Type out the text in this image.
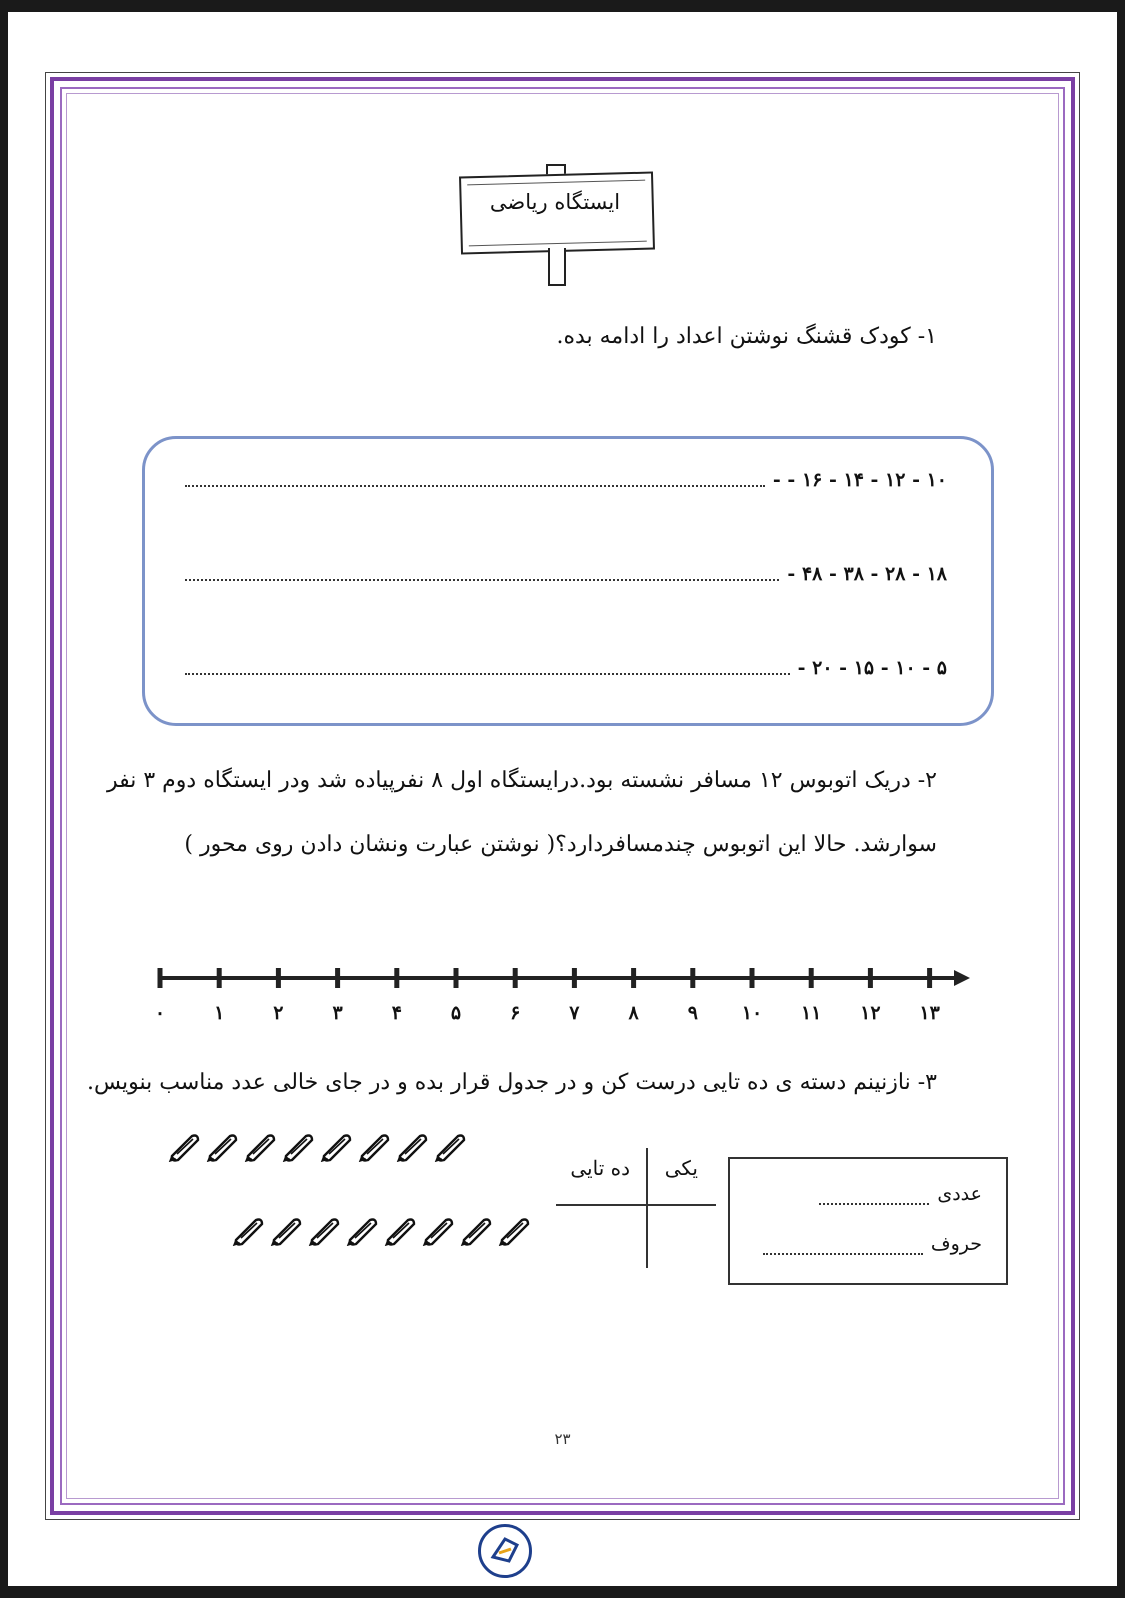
ایستگاه ریاضی
۱- کودک قشنگ نوشتن اعداد را ادامه بده.
۱۰ - ۱۲ - ۱۴ - ۱۶ - -
۱۸ - ۲۸ - ۳۸ - ۴۸ -
۵ - ۱۰ - ۱۵ - ۲۰ -
۲- دریک اتوبوس ۱۲ مسافر نشسته بود.درایستگاه اول ۸ نفرپیاده شد ودر ایستگاه دوم ۳ نفر
سوارشد. حالا این اتوبوس چندمسافردارد؟( نوشتن عبارت ونشان دادن روی محور )
۰	۱	۲	۳	۴	۵	۶	۷	۸	۹	۱۰	۱۱	۱۲	۱۳
۳- نازنینم دسته ی ده تایی درست کن و در جدول قرار بده و در جای خالی عدد مناسب بنویس.
یکی
ده تایی
عددی
حروف
۲۳
somayehrouhi.ir
